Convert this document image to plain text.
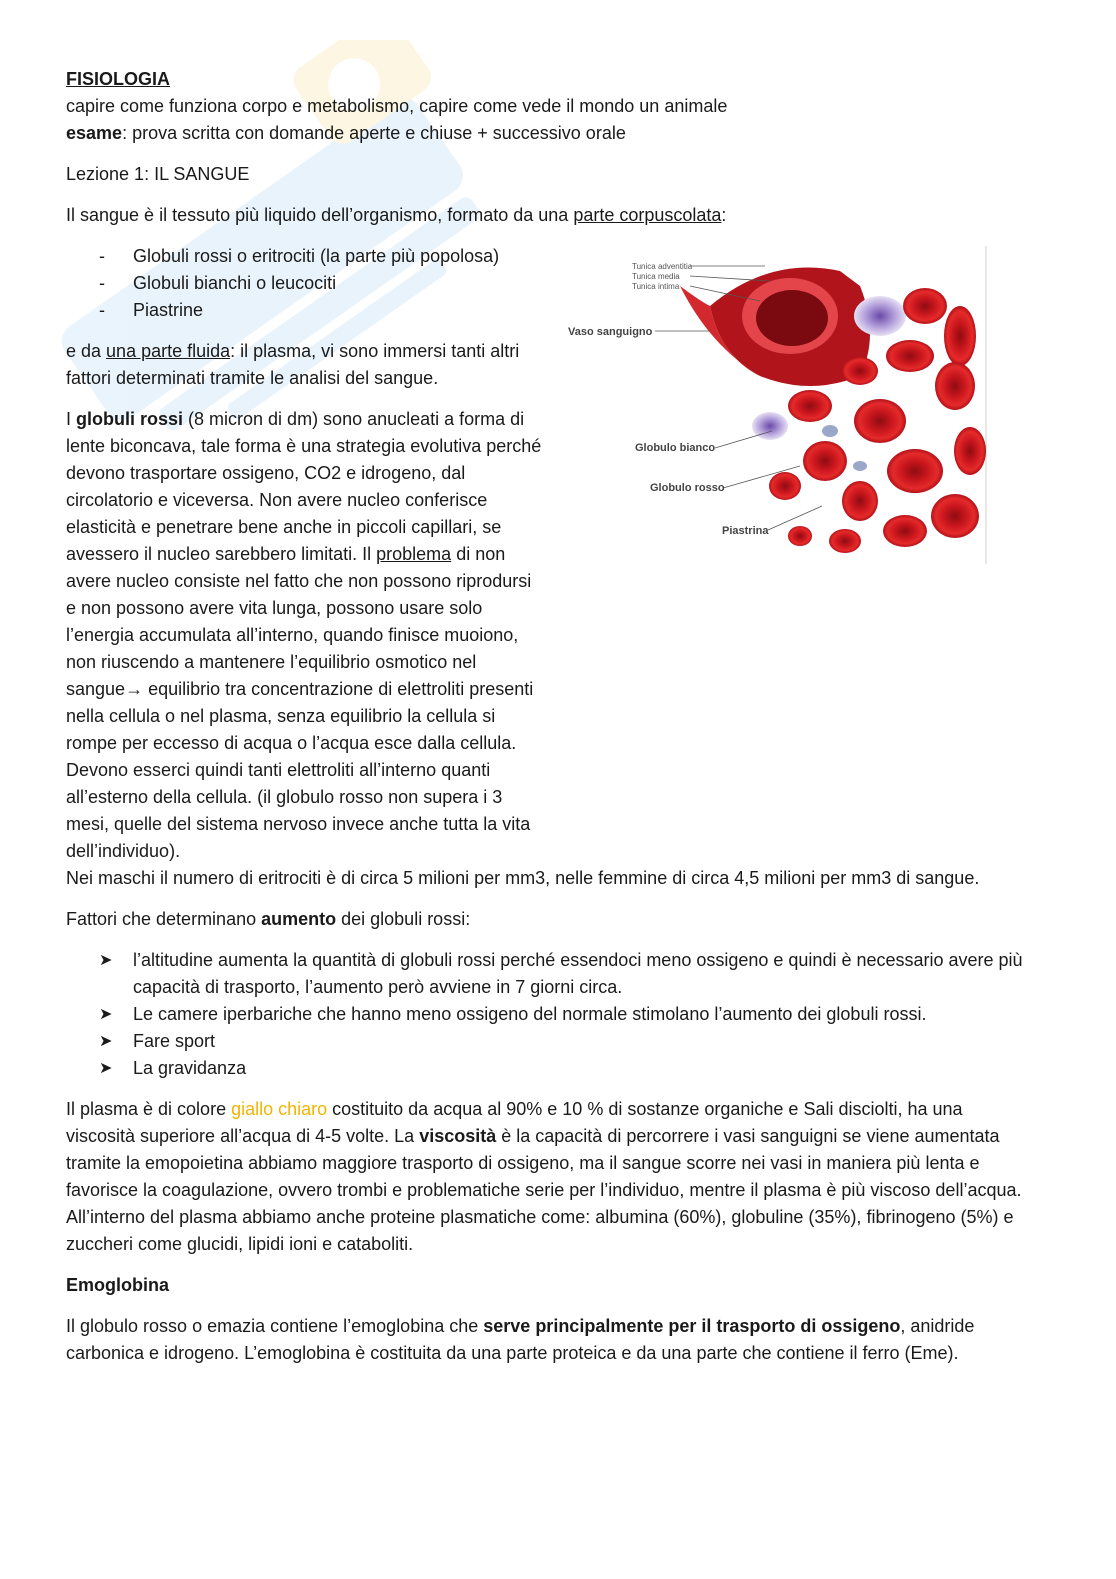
FISIOLOGIA

capire come funziona corpo e metabolismo, capire come vede il mondo un animale

esame: prova scritta con domande aperte e chiuse + successivo orale

Lezione 1: IL SANGUE

Il sangue è il tessuto più liquido dell’organismo, formato da una parte corpuscolata:

- Globuli rossi o eritrociti (la parte più popolosa)
- Globuli bianchi o leucociti
- Piastrine

e da una parte fluida: il plasma, vi sono immersi tanti altri fattori determinati tramite le analisi del sangue.

I globuli rossi (8 micron di dm) sono anucleati a forma di lente biconcava, tale forma è una strategia evolutiva perché devono trasportare ossigeno, CO2 e idrogeno, dal circolatorio e viceversa. Non avere nucleo conferisce elasticità e penetrare bene anche in piccoli capillari, se avessero il nucleo sarebbero limitati. Il problema di non avere nucleo consiste nel fatto che non possono riprodursi e non possono avere vita lunga, possono usare solo l’energia accumulata all’interno, quando finisce muoiono, non riuscendo a mantenere l’equilibrio osmotico nel sangue→ equilibrio tra concentrazione di elettroliti presenti nella cellula o nel plasma, senza equilibrio la cellula si rompe per eccesso di acqua o l’acqua esce dalla cellula. Devono esserci quindi tanti elettroliti all’interno quanti all’esterno della cellula. (il globulo rosso non supera i 3 mesi, quelle del sistema nervoso invece anche tutta la vita dell’individuo).

Nei maschi il numero di eritrociti è di circa 5 milioni per mm3, nelle femmine di circa 4,5 milioni per mm3 di sangue.

Fattori che determinano aumento dei globuli rossi:

➤ l’altitudine aumenta la quantità di globuli rossi perché essendoci meno ossigeno e quindi è necessario avere più capacità di trasporto, l’aumento però avviene in 7 giorni circa.
➤ Le camere iperbariche che hanno meno ossigeno del normale stimolano l’aumento dei globuli rossi.
➤ Fare sport
➤ La gravidanza

Il plasma è di colore giallo chiaro costituito da acqua al 90% e 10 % di sostanze organiche e Sali disciolti, ha una viscosità superiore all’acqua di 4-5 volte. La viscosità è la capacità di percorrere i vasi sanguigni se viene aumentata tramite la emopoietina abbiamo maggiore trasporto di ossigeno, ma il sangue scorre nei vasi in maniera più lenta e favorisce la coagulazione, ovvero trombi e problematiche serie per l’individuo, mentre il plasma è più viscoso dell’acqua. All’interno del plasma abbiamo anche proteine plasmatiche come: albumina (60%), globuline (35%), fibrinogeno (5%) e zuccheri come glucidi, lipidi ioni e cataboliti.

Emoglobina

Il globulo rosso o emazia contiene l’emoglobina che serve principalmente per il trasporto di ossigeno, anidride carbonica e idrogeno. L’emoglobina è costituita da una parte proteica e da una parte che contiene il ferro (Eme).

Tunica adventitia
Tunica media
Tunica intima
Vaso sanguigno
Globulo bianco
Globulo rosso
Piastrina
